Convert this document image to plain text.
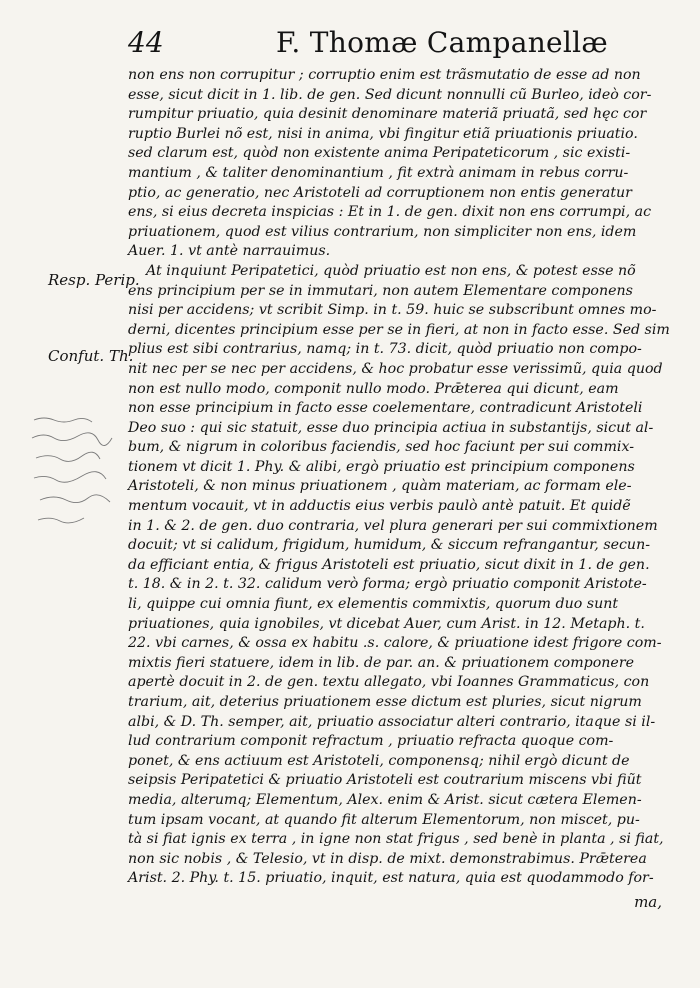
44	F. Thomæ Campanellæ
Resp. Perip.
Confut. Th.
non ens non corrupitur ; corruptio enim est trãsmutatio de esse ad non
esse, sicut dicit in 1. lib. de gen. Sed dicunt nonnulli cũ Burleo, ideò cor-
rumpitur priuatio, quia desinit denominare materiã priuatã, sed hęc cor
ruptio Burlei nõ est, nisi in anima, vbi fingitur etiã priuationis priuatio.
sed clarum est, quòd non existente anima Peripateticorum , sic existi-
mantium , & taliter denominantium , fit extrà animam in rebus corru-
ptio, ac generatio, nec Aristoteli ad corruptionem non entis generatur
ens, si eius decreta inspicias : Et in 1. de gen. dixit non ens corrumpi, ac
priuationem, quod est vilius contrarium, non simpliciter non ens, idem
Auer. 1. vt antè narrauimus.
At inquiunt Peripatetici, quòd priuatio est non ens, & potest esse nõ
ens principium per se in immutari, non autem Elementare componens
nisi per accidens; vt scribit Simp. in t. 59. huic se subscribunt omnes mo-
derni, dicentes principium esse per se in fieri, at non in facto esse. Sed sim
plius est sibi contrarius, namq; in t. 73. dicit, quòd priuatio non compo-
nit nec per se nec per accidens, & hoc probatur esse verissimũ, quia quod
non est nullo modo, componit nullo modo. Prǣterea qui dicunt, eam
non esse principium in facto esse coelementare, contradicunt Aristoteli
Deo suo : qui sic statuit, esse duo principia actiua in substantijs, sicut al-
bum, & nigrum in coloribus faciendis, sed hoc faciunt per sui commix-
tionem vt dicit 1. Phy. & alibi, ergò priuatio est principium componens
Aristoteli, & non minus priuationem , quàm materiam, ac formam ele-
mentum vocauit, vt in adductis eius verbis paulò antè patuit. Et quidẽ
in 1. & 2. de gen. duo contraria, vel plura generari per sui commixtionem
docuit; vt si calidum, frigidum, humidum, & siccum refrangantur, secun-
da efficiant entia, & frigus Aristoteli est priuatio, sicut dixit in 1. de gen.
t. 18. & in 2. t. 32. calidum verò forma; ergò priuatio componit Aristote-
li, quippe cui omnia fiunt, ex elementis commixtis, quorum duo sunt
priuationes, quia ignobiles, vt dicebat Auer, cum Arist. in 12. Metaph. t.
22. vbi carnes, & ossa ex habitu .s. calore, & priuatione idest frigore com-
mixtis fieri statuere, idem in lib. de par. an. & priuationem componere
apertè docuit in 2. de gen. textu allegato, vbi Ioannes Grammaticus, con
trarium, ait, deterius priuationem esse dictum est pluries, sicut nigrum
albi, & D. Th. semper, ait, priuatio associatur alteri contrario, itaque si il-
lud contrarium componit refractum , priuatio refracta quoque com-
ponet, & ens actiuum est Aristoteli, componensq; nihil ergò dicunt de
seipsis Peripatetici & priuatio Aristoteli est coutrarium miscens vbi fiũt
media, alterumq; Elementum, Alex. enim & Arist. sicut cætera Elemen-
tum ipsam vocant, at quando fit alterum Elementorum, non miscet, pu-
tà si fiat ignis ex terra , in igne non stat frigus , sed benè in planta , si fiat,
non sic nobis , & Telesio, vt in disp. de mixt. demonstrabimus. Prǣterea
Arist. 2. Phy. t. 15. priuatio, inquit, est natura, quia est quodammodo for-
ma,
